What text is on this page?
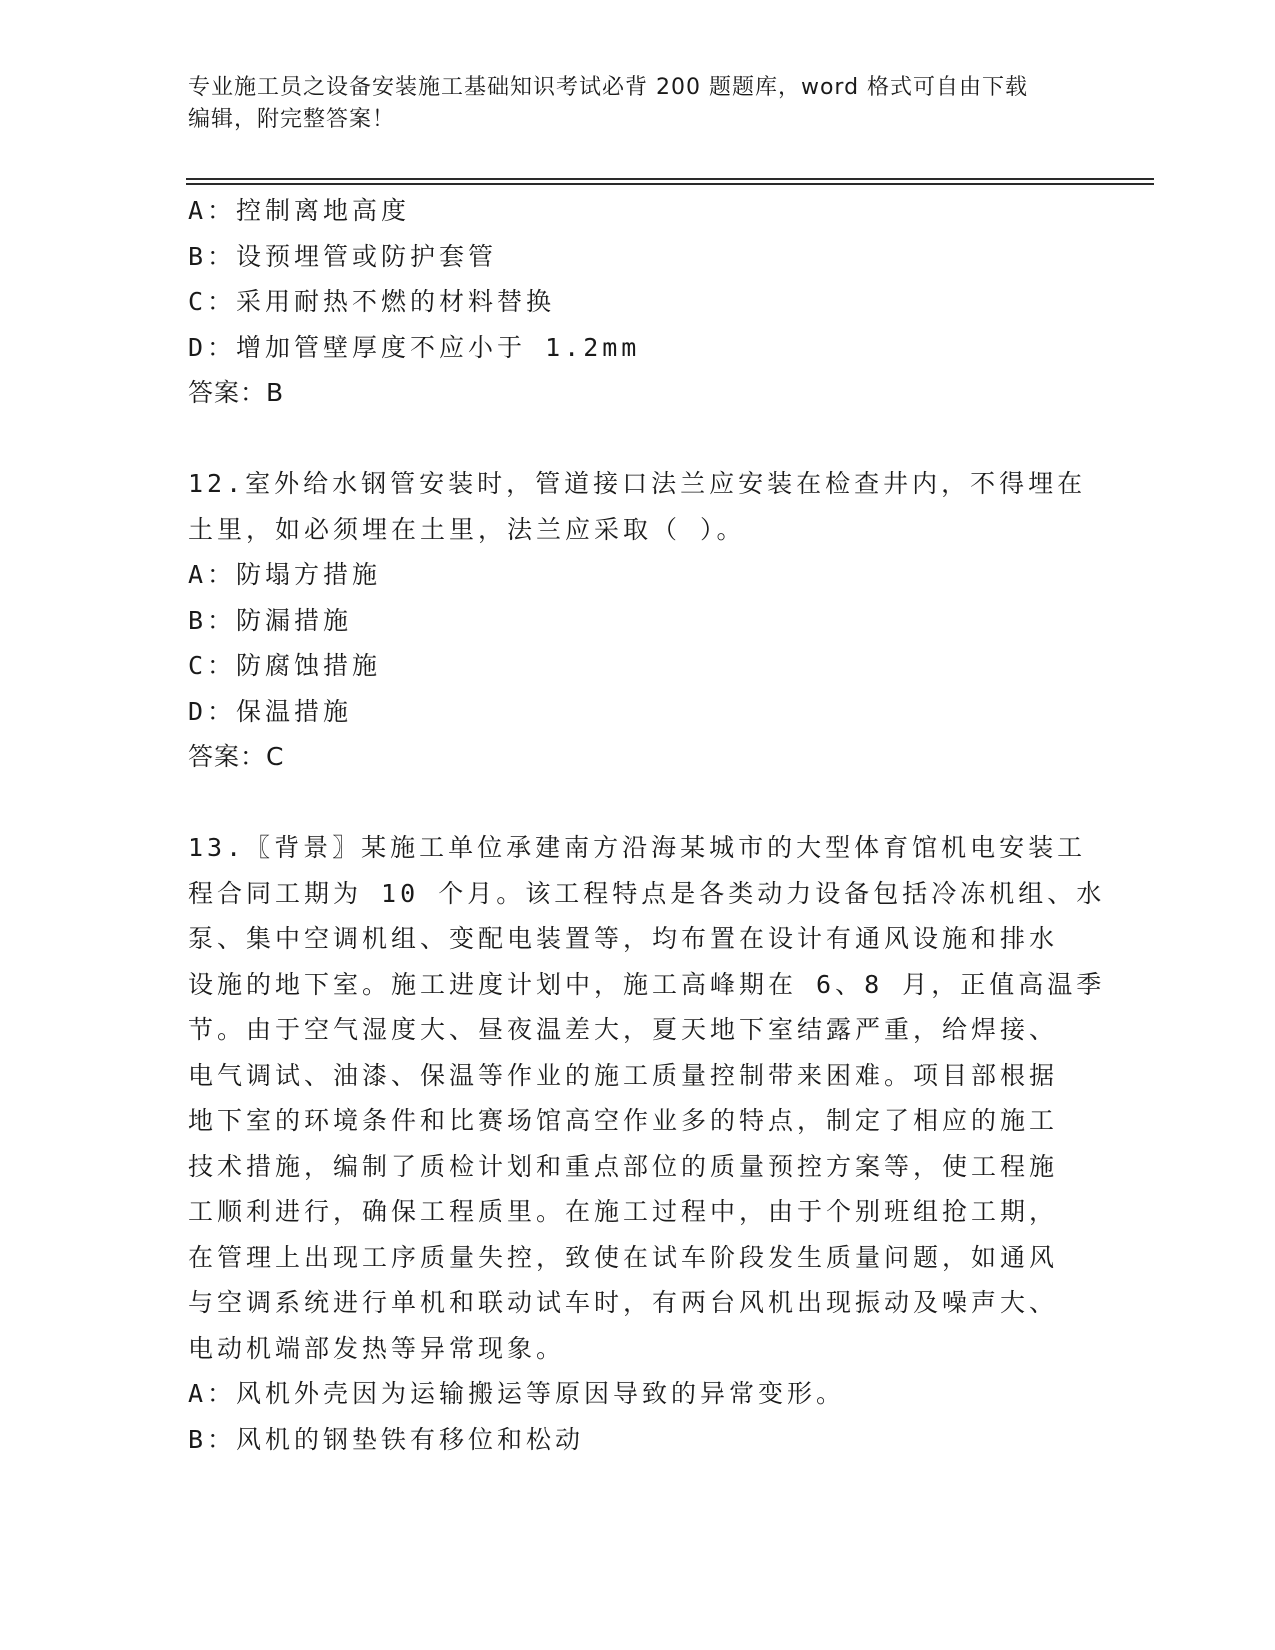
专业施工员之设备安装施工基础知识考试必背 200 题题库，word 格式可自由下载
编辑，附完整答案！
A：控制离地高度
B：设预埋管或防护套管
C：采用耐热不燃的材料替换
D：增加管壁厚度不应小于 1.2mm
答案：B
12.室外给水钢管安装时，管道接口法兰应安装在检查井内，不得埋在
土里，如必须埋在土里，法兰应采取（ ）。
A：防塌方措施
B：防漏措施
C：防腐蚀措施
D：保温措施
答案：C
13.〖背景〗某施工单位承建南方沿海某城市的大型体育馆机电安装工
程合同工期为 10 个月。该工程特点是各类动力设备包括冷冻机组、水
泵、集中空调机组、变配电装置等，均布置在设计有通风设施和排水
设施的地下室。施工进度计划中，施工高峰期在 6、8 月，正值高温季
节。由于空气湿度大、昼夜温差大，夏天地下室结露严重，给焊接、
电气调试、油漆、保温等作业的施工质量控制带来困难。项目部根据
地下室的环境条件和比赛场馆高空作业多的特点，制定了相应的施工
技术措施，编制了质检计划和重点部位的质量预控方案等，使工程施
工顺利进行，确保工程质里。在施工过程中，由于个别班组抢工期，
在管理上出现工序质量失控，致使在试车阶段发生质量问题，如通风
与空调系统进行单机和联动试车时，有两台风机出现振动及噪声大、
电动机端部发热等异常现象。
A：风机外壳因为运输搬运等原因导致的异常变形。
B：风机的钢垫铁有移位和松动
